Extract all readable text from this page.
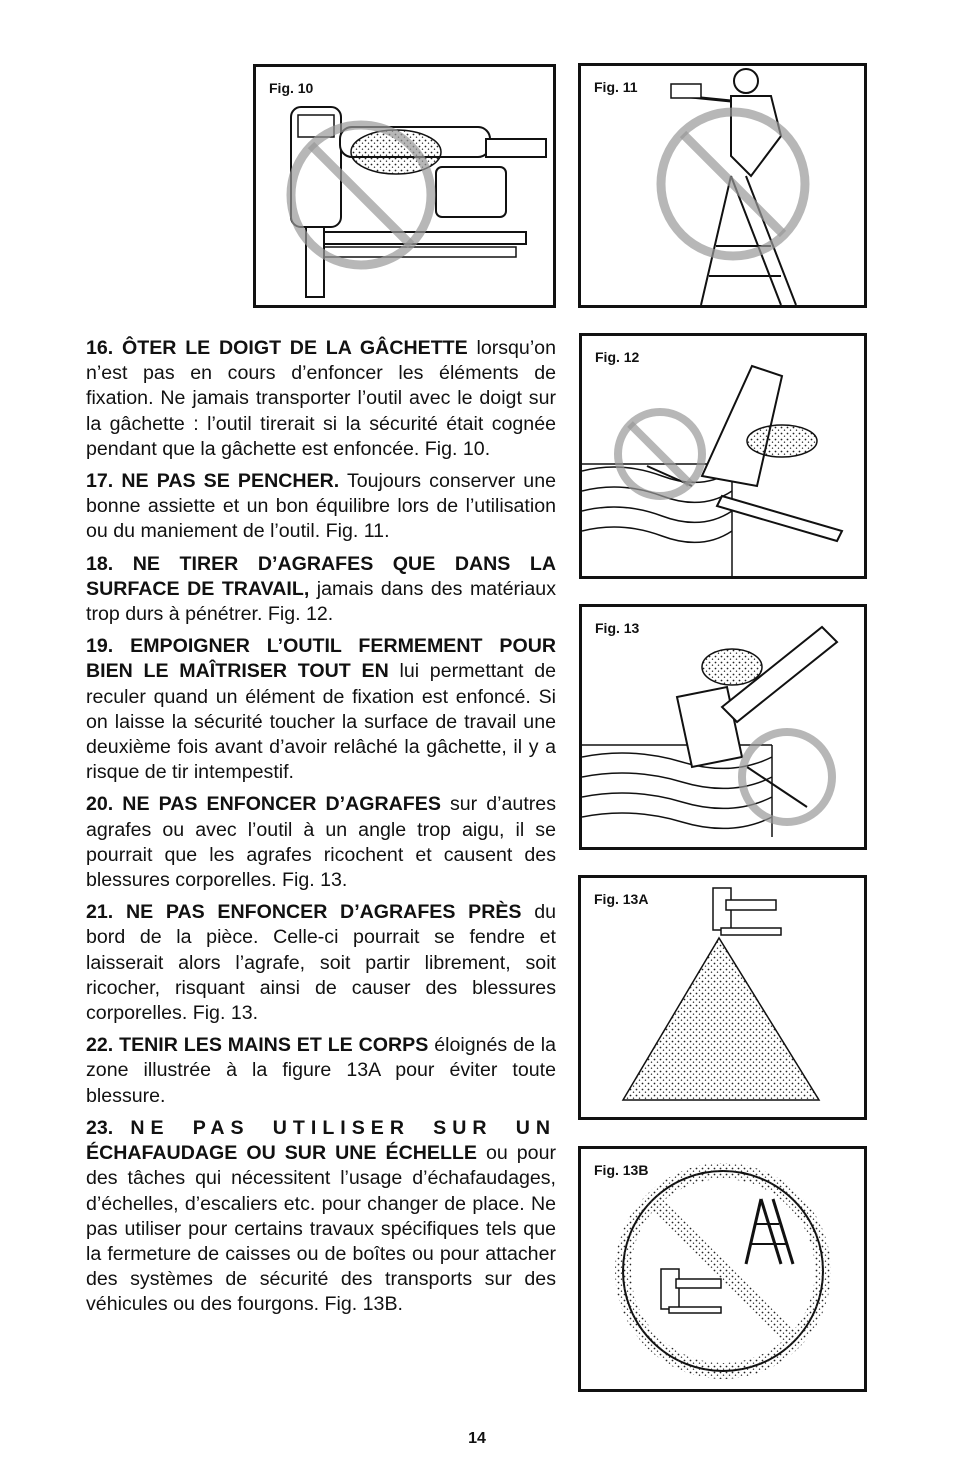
Fig. 10	Fig. 11
Fig. 12
Fig. 13
Fig. 13A
Fig. 13B

16. ÔTER LE DOIGT DE LA GÂCHETTE lorsqu’on n’est pas en cours d’enfoncer les éléments de fixation. Ne jamais transporter l’outil avec le doigt sur la gâchette : l’outil tirerait si la sécurité était cognée pendant que la gâchette est enfoncée. Fig. 10.

17. NE PAS SE PENCHER. Toujours conserver une bonne assiette et un bon équilibre lors de l’utilisation ou du maniement de l’outil. Fig. 11.

18. NE TIRER D’AGRAFES QUE DANS LA SURFACE DE TRAVAIL, jamais dans des matériaux trop durs à pénétrer. Fig. 12.

19. EMPOIGNER L’OUTIL FERMEMENT POUR BIEN LE MAÎTRISER TOUT EN lui permettant de reculer quand un élément de fixation est enfoncé. Si on laisse la sécurité toucher la surface de travail une deuxième fois avant d’avoir relâché la gâchette, il y a risque de tir intempestif.

20. NE PAS ENFONCER D’AGRAFES sur d’autres agrafes ou avec l’outil à un angle trop aigu, il se pourrait que les agrafes ricochent et causent des blessures corporelles. Fig. 13.

21. NE PAS ENFONCER D’AGRAFES PRÈS du bord de la pièce. Celle-ci pourrait se fendre et laisserait alors l’agrafe, soit partir librement, soit ricocher, risquant ainsi de causer des blessures corporelles. Fig. 13.

22. TENIR LES MAINS ET LE CORPS éloignés de la zone illustrée à la figure 13A pour éviter toute blessure.

23. NE PAS UTILISER SUR UN ÉCHAFAUDAGE OU SUR UNE ÉCHELLE ou pour des tâches qui nécessitent l’usage d’échafaudages, d’échelles, d’escaliers etc. pour changer de place. Ne pas utiliser pour certains travaux spécifiques tels que la fermeture de caisses ou de boîtes ou pour attacher des systèmes de sécurité des transports sur des véhicules ou des fourgons. Fig. 13B.

14
